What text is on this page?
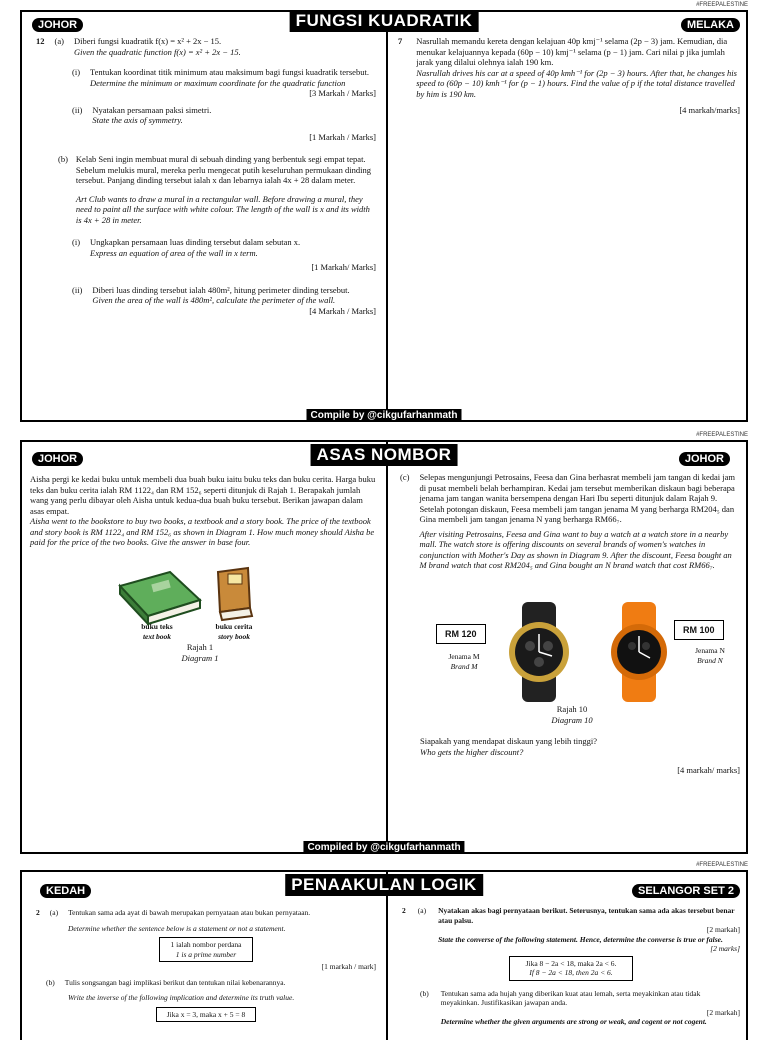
#FREEPALESTINE
FUNGSI KUADRATIK
JOHOR	MELAKA
12 (a) Diberi fungsi kuadratik f(x) = x² + 2x − 15.
Given the quadratic function f(x) = x² + 2x − 15.
(i) Tentukan koordinat titik minimum atau maksimum bagi fungsi kuadratik tersebut.
Determine the minimum or maximum coordinate for the quadratic function
[3 Markah / Marks]
(ii) Nyatakan persamaan paksi simetri.
State the axis of symmetry.
[1 Markah / Marks]
(b) Kelab Seni ingin membuat mural di sebuah dinding yang berbentuk segi empat tepat. Sebelum melukis mural, mereka perlu mengecat putih keseluruhan permukaan dinding tersebut. Panjang dinding tersebut ialah x dan lebarnya ialah 4x + 28 dalam meter.
Art Club wants to draw a mural in a rectangular wall. Before drawing a mural, they need to paint all the surface with white colour. The length of the wall is x and its width is 4x + 28 in meter.
(i) Ungkapkan persamaan luas dinding tersebut dalam sebutan x.
Express an equation of area of the wall in x term.
[1 Markah/ Marks]
(ii) Diberi luas dinding tersebut ialah 480m², hitung perimeter dinding tersebut.
Given the area of the wall is 480m², calculate the perimeter of the wall.
[4 Markah / Marks]
7 Nasrullah memandu kereta dengan kelajuan 40p kmj⁻¹ selama (2p − 3) jam. Kemudian, dia menukar kelajuannya kepada (60p − 10) kmj⁻¹ selama (p − 1) jam. Cari nilai p jika jumlah jarak yang dilalui olehnya ialah 190 km.
Nasrullah drives his car at a speed of 40p kmh⁻¹ for (2p − 3) hours. After that, he changes his speed to (60p − 10) kmh⁻¹ for (p − 1) hours. Find the value of p if the total distance travelled by him is 190 km.
[4 markah/marks]
Compile by @cikgufarhanmath
#FREEPALESTINE
ASAS NOMBOR
JOHOR	JOHOR
Aisha pergi ke kedai buku untuk membeli dua buah buku iaitu buku teks dan buku cerita. Harga buku teks dan buku cerita ialah RM 1122₄ dan RM 152₆ seperti ditunjuk di Rajah 1. Berapakah jumlah wang yang perlu dibayar oleh Aisha untuk kedua-dua buah buku tersebut. Berikan jawapan dalam asas empat.
Aisha went to the bookstore to buy two books, a textbook and a story book. The price of the textbook and story book is RM 1122₄ and RM 152₆ as shown in Diagram 1. How much money should Aisha be paid for the price of the two books. Give the answer in base four.
buku teks
text book
buku cerita
story book
Rajah 1
Diagram 1
(c) Selepas mengunjungi Petrosains, Feesa dan Gina berhasrat membeli jam tangan di kedai jam di pusat membeli belah berhampiran. Kedai jam tersebut memberikan diskaun bagi beberapa jenama jam tangan wanita bersempena dengan Hari Ibu seperti ditunjuk dalam Rajah 9. Setelah potongan diskaun, Feesa membeli jam tangan jenama M yang berharga RM204₅ dan Gina membeli jam tangan jenama N yang berharga RM66₇.
After visiting Petrosains, Feesa and Gina want to buy a watch at a watch store in a nearby mall. The watch store is offering discounts on several brands of women's watches in conjunction with Mother's Day as shown in Diagram 9. After the discount, Feesa bought an M brand watch that cost RM204₅ and Gina bought an N brand watch that cost RM66₇.
RM 120	RM 100
Jenama M
Brand M
Jenama N
Brand N
Rajah 10
Diagram 10
Siapakah yang mendapat diskaun yang lebih tinggi?
Who gets the higher discount?
[4 markah/ marks]
Compiled by @cikgufarhanmath
#FREEPALESTINE
PENAAKULAN LOGIK
KEDAH	SELANGOR SET 2
2 (a) Tentukan sama ada ayat di bawah merupakan pernyataan atau bukan pernyataan.
Determine whether the sentence below is a statement or not a statement.
1 ialah nombor perdana
1 is a prime number
[1 markah / mark]
(b) Tulis songsangan bagi implikasi berikut dan tentukan nilai kebenarannya.
Write the inverse of the following implication and determine its truth value.
Jika x = 3, maka x + 5 = 8
2 (a) Nyatakan akas bagi pernyataan berikut. Seterusnya, tentukan sama ada akas tersebut benar atau palsu.
[2 markah]
State the converse of the following statement. Hence, determine the converse is true or false.
[2 marks]
Jika 8 − 2a < 18, maka 2a < 6.
If 8 − 2a < 18, then 2a < 6.
(b) Tentukan sama ada hujah yang diberikan kuat atau lemah, serta meyakinkan atau tidak meyakinkan. Justifikasikan jawapan anda.
[2 markah]
Determine whether the given arguments are strong or weak, and cogent or not cogent.
